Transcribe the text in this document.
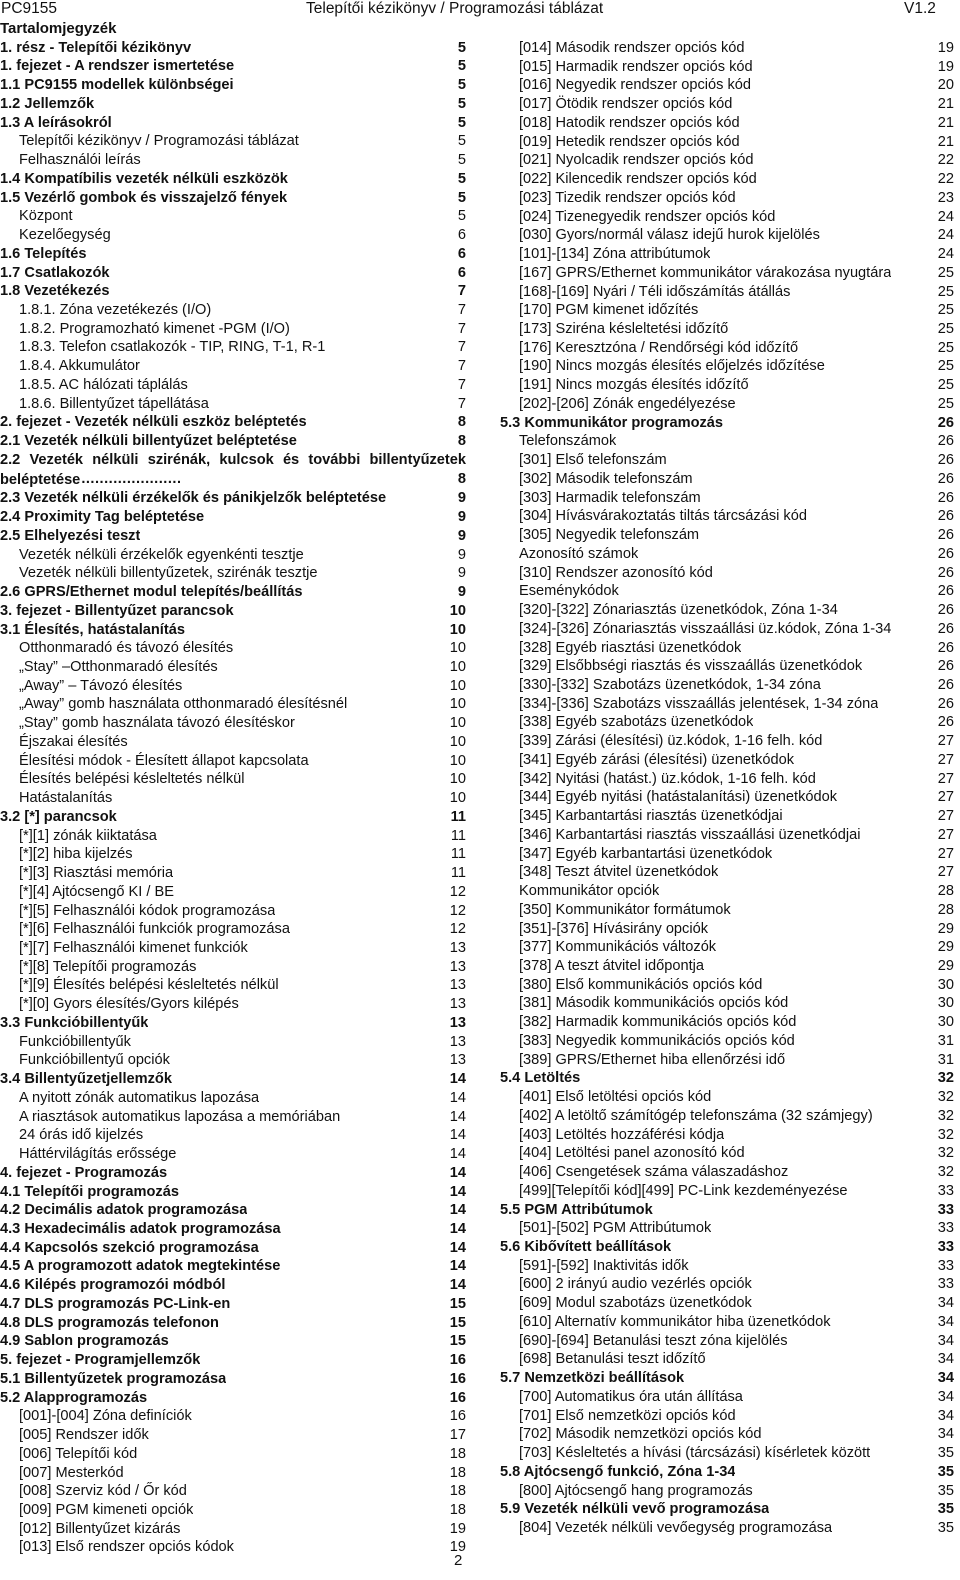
PC9155	Telepítői kézikönyv / Programozási táblázat	V1.2
Tartalomjegyzék
1. rész - Telepítői kézikönyv	5
1. fejezet - A rendszer ismertetése	5
1.1 PC9155 modellek különbségei	5
1.2 Jellemzők	5
1.3 A leírásokról	5
Telepítői kézikönyv / Programozási táblázat	5
Felhasználói leírás	5
1.4 Kompatíbilis vezeték nélküli eszközök	5
1.5 Vezérlő gombok és visszajelző fények	5
Központ	5
Kezelőegység	6
1.6 Telepítés	6
1.7 Csatlakozók	6
1.8 Vezetékezés	7
1.8.1. Zóna vezetékezés (I/O)	7
1.8.2. Programozható kimenet -PGM (I/O)	7
1.8.3. Telefon csatlakozók - TIP, RING, T-1, R-1	7
1.8.4. Akkumulátor	7
1.8.5. AC hálózati táplálás	7
1.8.6. Billentyűzet tápellátása	7
2. fejezet - Vezeték nélküli eszköz beléptetés	8
2.1 Vezeték nélküli billentyűzet beléptetése	8
2.2 Vezeték nélküli szirénák, kulcsok és további billentyűzetek beléptetése .....	8
2.3 Vezeték nélküli érzékelők és pánikjelzők beléptetése	9
2.4 Proximity Tag beléptetése	9
2.5 Elhelyezési teszt	9
Vezeték nélküli érzékelők egyenkénti tesztje	9
Vezeték nélküli billentyűzetek, szirénák tesztje	9
2.6 GPRS/Ethernet modul telepítés/beállítás	9
3. fejezet - Billentyűzet parancsok	10
3.1 Élesítés, hatástalanítás	10
Otthonmaradó és távozó élesítés	10
„Stay” –Otthonmaradó élesítés	10
„Away” – Távozó élesítés	10
„Away” gomb használata otthonmaradó élesítésnél	10
„Stay” gomb használata távozó élesítéskor	10
Éjszakai élesítés	10
Élesítési módok - Élesített állapot kapcsolata	10
Élesítés belépési késleltetés nélkül	10
Hatástalanítás	10
3.2 [*] parancsok	11
[*][1] zónák kiiktatása	11
[*][2] hiba kijelzés	11
[*][3] Riasztási memória	11
[*][4] Ajtócsengő KI / BE	12
[*][5] Felhasználói kódok programozása	12
[*][6] Felhasználói funkciók programozása	12
[*][7] Felhasználói kimenet funkciók	13
[*][8] Telepítői programozás	13
[*][9] Élesítés belépési késleltetés nélkül	13
[*][0] Gyors élesítés/Gyors kilépés	13
3.3 Funkcióbillentyűk	13
Funkcióbillentyűk	13
Funkcióbillentyű opciók	13
3.4 Billentyűzetjellemzők	14
A nyitott zónák automatikus lapozása	14
A riasztások automatikus lapozása a memóriában	14
24 órás idő kijelzés	14
Háttérvilágítás erőssége	14
4. fejezet - Programozás	14
4.1 Telepítői programozás	14
4.2 Decimális adatok programozása	14
4.3 Hexadecimális adatok programozása	14
4.4 Kapcsolós szekció programozása	14
4.5 A programozott adatok megtekintése	14
4.6 Kilépés programozói módból	14
4.7 DLS programozás PC-Link-en	15
4.8 DLS programozás telefonon	15
4.9 Sablon programozás	15
5. fejezet - Programjellemzők	16
5.1 Billentyűzetek programozása	16
5.2 Alapprogramozás	16
[001]-[004] Zóna definíciók	16
[005] Rendszer idők	17
[006] Telepítői kód	18
[007] Mesterkód	18
[008] Szerviz kód / Őr kód	18
[009] PGM kimeneti opciók	18
[012] Billentyűzet kizárás	19
[013] Első rendszer opciós kódok	19
[014] Második rendszer opciós kód	19
[015] Harmadik rendszer opciós kód	19
[016] Negyedik rendszer opciós kód	20
[017] Ötödik rendszer opciós kód	21
[018] Hatodik rendszer opciós kód	21
[019] Hetedik rendszer opciós kód	21
[021] Nyolcadik rendszer opciós kód	22
[022] Kilencedik rendszer opciós kód	22
[023] Tizedik rendszer opciós kód	23
[024] Tizenegyedik rendszer opciós kód	24
[030] Gyors/normál válasz idejű hurok kijelölés	24
[101]-[134] Zóna attribútumok	24
[167] GPRS/Ethernet kommunikátor várakozása nyugtára	25
[168]-[169] Nyári / Téli időszámítás átállás	25
[170] PGM kimenet időzítés	25
[173] Sziréna késleltetési időzítő	25
[176] Keresztzóna / Rendőrségi kód időzítő	25
[190] Nincs mozgás élesítés előjelzés időzítése	25
[191] Nincs mozgás élesítés időzítő	25
[202]-[206] Zónák engedélyezése	25
5.3 Kommunikátor programozás	26
Telefonszámok	26
[301] Első telefonszám	26
[302] Második telefonszám	26
[303] Harmadik telefonszám	26
[304] Hívásvárakoztatás tiltás tárcsázási kód	26
[305] Negyedik telefonszám	26
Azonosító számok	26
[310] Rendszer azonosító kód	26
Eseménykódok	26
[320]-[322] Zónariasztás üzenetkódok, Zóna 1-34	26
[324]-[326] Zónariasztás visszaállási üz.kódok, Zóna 1-34	26
[328] Egyéb riasztási üzenetkódok	26
[329] Elsőbbségi riasztás és visszaállás üzenetkódok	26
[330]-[332] Szabotázs üzenetkódok, 1-34 zóna	26
[334]-[336] Szabotázs visszaállás jelentések, 1-34 zóna	26
[338] Egyéb szabotázs üzenetkódok	26
[339] Zárási (élesítési) üz.kódok, 1-16 felh. kód	27
[341] Egyéb zárási (élesítési) üzenetkódok	27
[342] Nyitási (hatást.) üz.kódok, 1-16 felh. kód	27
[344] Egyéb nyitási (hatástalanítási) üzenetkódok	27
[345] Karbantartási riasztás üzenetkódjai	27
[346] Karbantartási riasztás visszaállási üzenetkódjai	27
[347] Egyéb karbantartási üzenetkódok	27
[348] Teszt átvitel üzenetkódok	27
Kommunikátor opciók	28
[350] Kommunikátor formátumok	28
[351]-[376] Hívásirány opciók	29
[377] Kommunikációs változók	29
[378] A teszt átvitel időpontja	29
[380] Első kommunikációs opciós kód	30
[381] Második kommunikációs opciós kód	30
[382] Harmadik kommunikációs opciós kód	30
[383] Negyedik kommunikációs opciós kód	31
[389] GPRS/Ethernet hiba ellenőrzési idő	31
5.4 Letöltés	32
[401] Első letöltési opciós kód	32
[402] A letöltő számítógép telefonszáma (32 számjegy)	32
[403] Letöltés hozzáférési kódja	32
[404] Letöltési panel azonosító kód	32
[406] Csengetések száma válaszadáshoz	32
[499][Telepítői kód][499] PC-Link kezdeményezése	33
5.5 PGM Attribútumok	33
[501]-[502] PGM Attribútumok	33
5.6 Kibővített beállítások	33
[591]-[592] Inaktivitás idők	33
[600] 2 irányú audio vezérlés opciók	33
[609] Modul szabotázs üzenetkódok	34
[610] Alternatív kommunikátor hiba üzenetkódok	34
[690]-[694] Betanulási teszt zóna kijelölés	34
[698] Betanulási teszt időzítő	34
5.7 Nemzetközi beállítások	34
[700] Automatikus óra után állítása	34
[701] Első nemzetközi opciós kód	34
[702] Második nemzetközi opciós kód	34
[703] Késleltetés a hívási (tárcsázási) kísérletek között	35
5.8 Ajtócsengő funkció, Zóna 1-34	35
[800] Ajtócsengő hang programozás	35
5.9 Vezeték nélküli vevő programozása	35
[804] Vezeték nélküli vevőegység programozása	35
2
